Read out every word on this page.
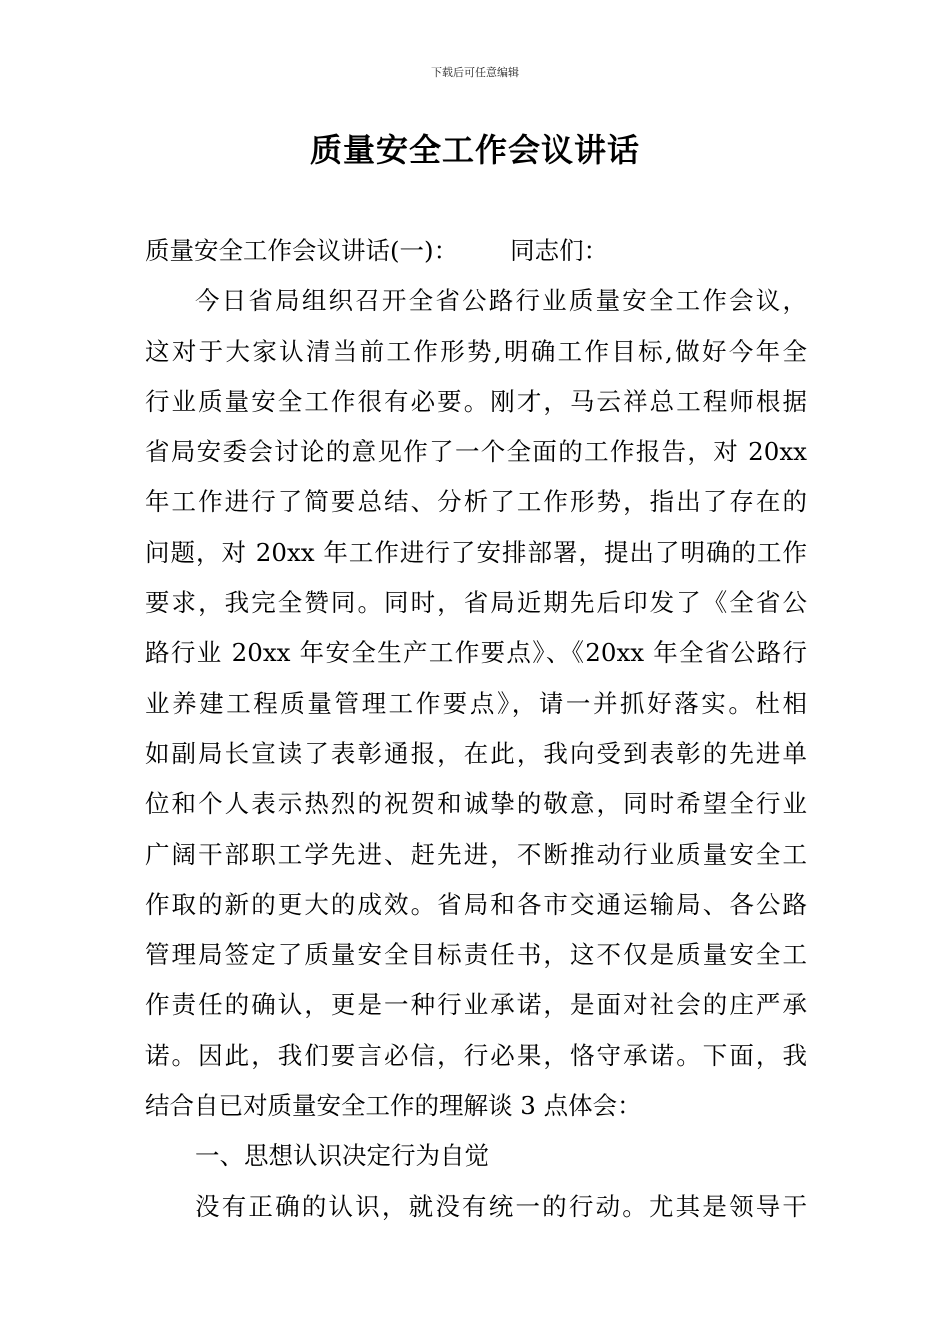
下载后可任意编辑
质量安全工作会议讲话
质量安全工作会议讲话(一)： 同志们：
今日省局组织召开全省公路行业质量安全工作会议，
这对于大家认清当前工作形势,明确工作目标,做好今年全
行业质量安全工作很有必要。刚才，马云祥总工程师根据
省局安委会讨论的意见作了一个全面的工作报告，对 20xx
年工作进行了简要总结、分析了工作形势，指出了存在的
问题，对 20xx 年工作进行了安排部署，提出了明确的工作
要求，我完全赞同。同时，省局近期先后印发了《全省公
路行业 20xx 年安全生产工作要点》、《20xx 年全省公路行
业养建工程质量管理工作要点》，请一并抓好落实。杜相
如副局长宣读了表彰通报，在此，我向受到表彰的先进单
位和个人表示热烈的祝贺和诚挚的敬意，同时希望全行业
广阔干部职工学先进、赶先进，不断推动行业质量安全工
作取的新的更大的成效。省局和各市交通运输局、各公路
管理局签定了质量安全目标责任书，这不仅是质量安全工
作责任的确认，更是一种行业承诺，是面对社会的庄严承
诺。因此，我们要言必信，行必果，恪守承诺。下面，我
结合自已对质量安全工作的理解谈 3 点体会：
一、思想认识决定行为自觉
没有正确的认识，就没有统一的行动。尤其是领导干
